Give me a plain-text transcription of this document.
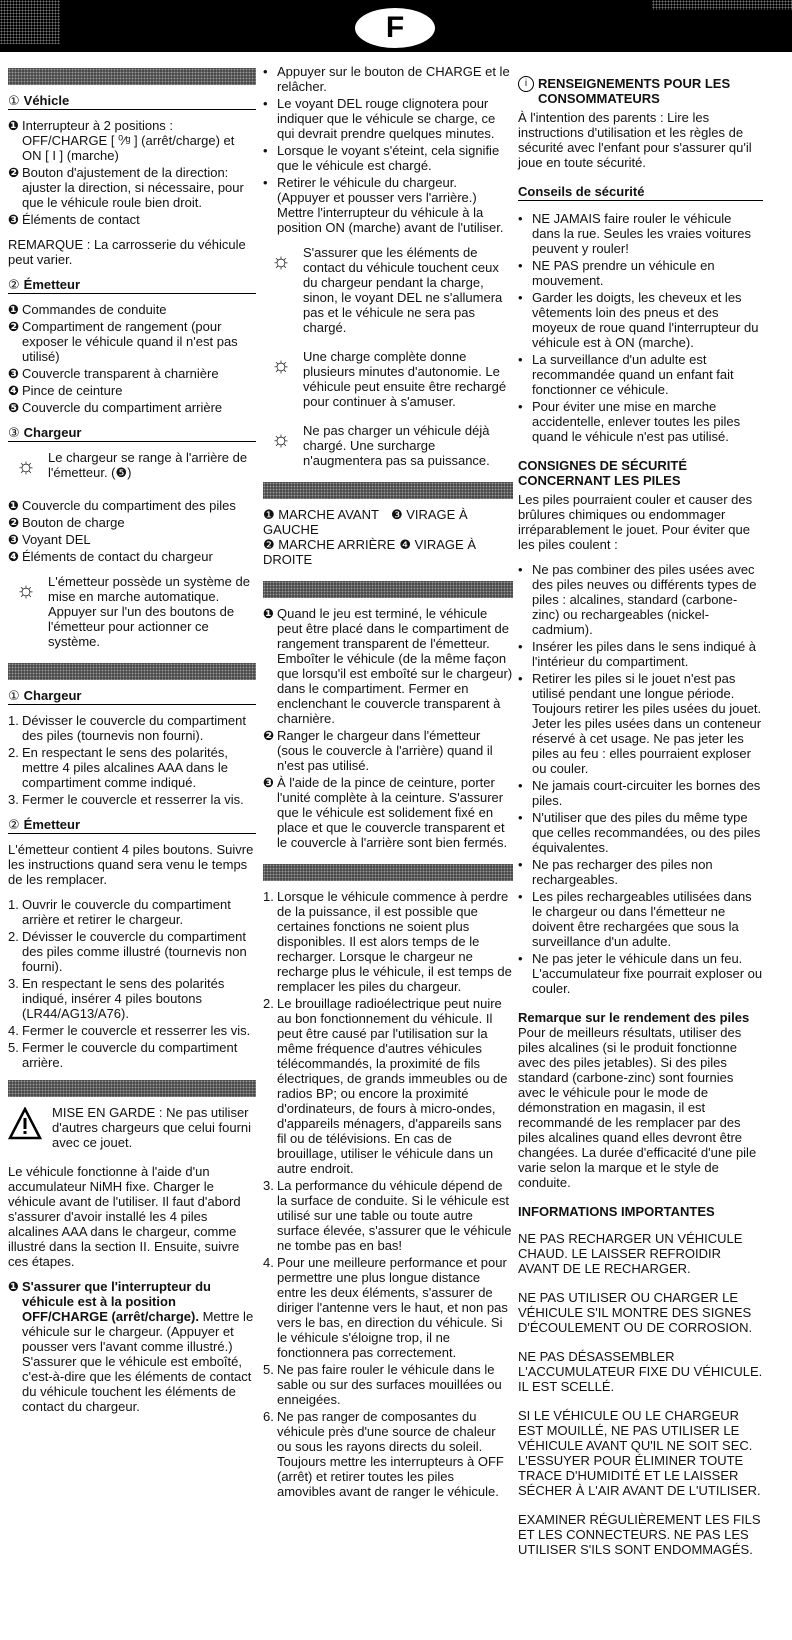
F
① Véhicle
❶ Interrupteur à 2 positions : OFF/CHARGE [ ⁰⁄ᵍ ] (arrêt/charge) et ON [ I ] (marche)
❷ Bouton d'ajustement de la direction: ajuster la direction, si nécessaire, pour que le véhicule roule bien droit.
❸ Éléments de contact

REMARQUE : La carrosserie du véhicule peut varier.

② Émetteur
❶ Commandes de conduite
❷ Compartiment de rangement (pour exposer le véhicule quand il n'est pas utilisé)
❸ Couvercle transparent à charnière
❹ Pince de ceinture
❺ Couvercle du compartiment arrière
③ Chargeur
☼ Le chargeur se range à l'arrière de l'émetteur. (❺)
❶ Couvercle du compartiment des piles
❷ Bouton de charge
❸ Voyant DEL
❹ Éléments de contact du chargeur
☼ L'émetteur possède un système de mise en marche automatique. Appuyer sur l'un des boutons de l'émetteur pour actionner ce système.
① Chargeur
1. Dévisser le couvercle du compartiment des piles (tournevis non fourni).
2. En respectant le sens des polarités, mettre 4 piles alcalines AAA dans le compartiment comme indiqué.
3. Fermer le couvercle et resserrer la vis.
② Émetteur

L'émetteur contient 4 piles boutons. Suivre les instructions quand sera venu le temps de les remplacer.

1. Ouvrir le couvercle du compartiment arrière et retirer le chargeur.
2. Dévisser le couvercle du compartiment des piles comme illustré (tournevis non fourni).
3. En respectant le sens des polarités indiqué, insérer 4 piles boutons (LR44/AG13/A76).
4. Fermer le couvercle et resserrer les vis.
5. Fermer le couvercle du compartiment arrière.
MISE EN GARDE : Ne pas utiliser d'autres chargeurs que celui fourni avec ce jouet.

Le véhicule fonctionne à l'aide d'un accumulateur NiMH fixe. Charger le véhicule avant de l'utiliser. Il faut d'abord s'assurer d'avoir installé les 4 piles alcalines AAA dans le chargeur, comme illustré dans la section II. Ensuite, suivre ces étapes.

❶ S'assurer que l'interrupteur du véhicule est à la position OFF/CHARGE (arrêt/charge). Mettre le véhicule sur le chargeur. (Appuyer et pousser vers l'avant comme illustré.) S'assurer que le véhicule est emboîté, c'est-à-dire que les éléments de contact du véhicule touchent les éléments de contact du chargeur.
• Appuyer sur le bouton de CHARGE et le relâcher.
• Le voyant DEL rouge clignotera pour indiquer que le véhicule se charge, ce qui devrait prendre quelques minutes.
• Lorsque le voyant s'éteint, cela signifie que le véhicule est chargé.
• Retirer le véhicule du chargeur. (Appuyer et pousser vers l'arrière.) Mettre l'interrupteur du véhicule à la position ON (marche) avant de l'utiliser.
☼ S'assurer que les éléments de contact du véhicule touchent ceux du chargeur pendant la charge, sinon, le voyant DEL ne s'allumera pas et le véhicule ne sera pas chargé.
☼ Une charge complète donne plusieurs minutes d'autonomie. Le véhicule peut ensuite être rechargé pour continuer à s'amuser.
☼ Ne pas charger un véhicule déjà chargé. Une surcharge n'augmentera pas sa puissance.
❶ MARCHE AVANT ❸ VIRAGE À GAUCHE
❷ MARCHE ARRIÈRE ❹ VIRAGE À DROITE
❶ Quand le jeu est terminé, le véhicule peut être placé dans le compartiment de rangement transparent de l'émetteur. Emboîter le véhicule (de la même façon que lorsqu'il est emboîté sur le chargeur) dans le compartiment. Fermer en enclenchant le couvercle transparent à charnière.
❷ Ranger le chargeur dans l'émetteur (sous le couvercle à l'arrière) quand il n'est pas utilisé.
❸ À l'aide de la pince de ceinture, porter l'unité complète à la ceinture. S'assurer que le véhicule est solidement fixé en place et que le couvercle transparent et le couvercle à l'arrière sont bien fermés.
1. Lorsque le véhicule commence à perdre de la puissance, il est possible que certaines fonctions ne soient plus disponibles. Il est alors temps de le recharger. Lorsque le chargeur ne recharge plus le véhicule, il est temps de remplacer les piles du chargeur.
2. Le brouillage radioélectrique peut nuire au bon fonctionnement du véhicule. Il peut être causé par l'utilisation sur la même fréquence d'autres véhicules télécommandés, la proximité de fils électriques, de grands immeubles ou de radios BP; ou encore la proximité d'ordinateurs, de fours à micro-ondes, d'appareils ménagers, d'appareils sans fil ou de télévisions. En cas de brouillage, utiliser le véhicule dans un autre endroit.
3. La performance du véhicule dépend de la surface de conduite. Si le véhicule est utilisé sur une table ou toute autre surface élevée, s'assurer que le véhicule ne tombe pas en bas!
4. Pour une meilleure performance et pour permettre une plus longue distance entre les deux éléments, s'assurer de diriger l'antenne vers le haut, et non pas vers le bas, en direction du véhicule. Si le véhicule s'éloigne trop, il ne fonctionnera pas correctement.
5. Ne pas faire rouler le véhicule dans le sable ou sur des surfaces mouillées ou enneigées.
6. Ne pas ranger de composantes du véhicule près d'une source de chaleur ou sous les rayons directs du soleil. Toujours mettre les interrupteurs à OFF (arrêt) et retirer toutes les piles amovibles avant de ranger le véhicule.
i RENSEIGNEMENTS POUR LES CONSOMMATEURS

À l'intention des parents : Lire les instructions d'utilisation et les règles de sécurité avec l'enfant pour s'assurer qu'il joue en toute sécurité.

Conseils de sécurité
• NE JAMAIS faire rouler le véhicule dans la rue. Seules les vraies voitures peuvent y rouler!
• NE PAS prendre un véhicule en mouvement.
• Garder les doigts, les cheveux et les vêtements loin des pneus et des moyeux de roue quand l'interrupteur du véhicule est à ON (marche).
• La surveillance d'un adulte est recommandée quand un enfant fait fonctionner ce véhicule.
• Pour éviter une mise en marche accidentelle, enlever toutes les piles quand le véhicule n'est pas utilisé.
CONSIGNES DE SÉCURITÉ CONCERNANT LES PILES

Les piles pourraient couler et causer des brûlures chimiques ou endommager irréparablement le jouet. Pour éviter que les piles coulent :

• Ne pas combiner des piles usées avec des piles neuves ou différents types de piles : alcalines, standard (carbone-zinc) ou rechargeables (nickel-cadmium).
• Insérer les piles dans le sens indiqué à l'intérieur du compartiment.
• Retirer les piles si le jouet n'est pas utilisé pendant une longue période. Toujours retirer les piles usées du jouet. Jeter les piles usées dans un conteneur réservé à cet usage. Ne pas jeter les piles au feu : elles pourraient exploser ou couler.
• Ne jamais court-circuiter les bornes des piles.
• N'utiliser que des piles du même type que celles recommandées, ou des piles équivalentes.
• Ne pas recharger des piles non rechargeables.
• Les piles rechargeables utilisées dans le chargeur ou dans l'émetteur ne doivent être rechargées que sous la surveillance d'un adulte.
• Ne pas jeter le véhicule dans un feu. L'accumulateur fixe pourrait exploser ou couler.
Remarque sur le rendement des piles

Pour de meilleurs résultats, utiliser des piles alcalines (si le produit fonctionne avec des piles jetables). Si des piles standard (carbone-zinc) sont fournies avec le véhicule pour le mode de démonstration en magasin, il est recommandé de les remplacer par des piles alcalines quand elles devront être changées. La durée d'efficacité d'une pile varie selon la marque et le style de conduite.

INFORMATIONS IMPORTANTES

NE PAS RECHARGER UN VÉHICULE CHAUD. LE LAISSER REFROIDIR AVANT DE LE RECHARGER.

NE PAS UTILISER OU CHARGER LE VÉHICULE S'IL MONTRE DES SIGNES D'ÉCOULEMENT OU DE CORROSION.

NE PAS DÉSASSEMBLER L'ACCUMULATEUR FIXE DU VÉHICULE. IL EST SCELLÉ.

SI LE VÉHICULE OU LE CHARGEUR EST MOUILLÉ, NE PAS UTILISER LE VÉHICULE AVANT QU'IL NE SOIT SEC. L'ESSUYER POUR ÉLIMINER TOUTE TRACE D'HUMIDITÉ ET LE LAISSER SÉCHER À L'AIR AVANT DE L'UTILISER.

EXAMINER RÉGULIÈREMENT LES FILS ET LES CONNECTEURS. NE PAS LES UTILISER S'ILS SONT ENDOMMAGÉS.
